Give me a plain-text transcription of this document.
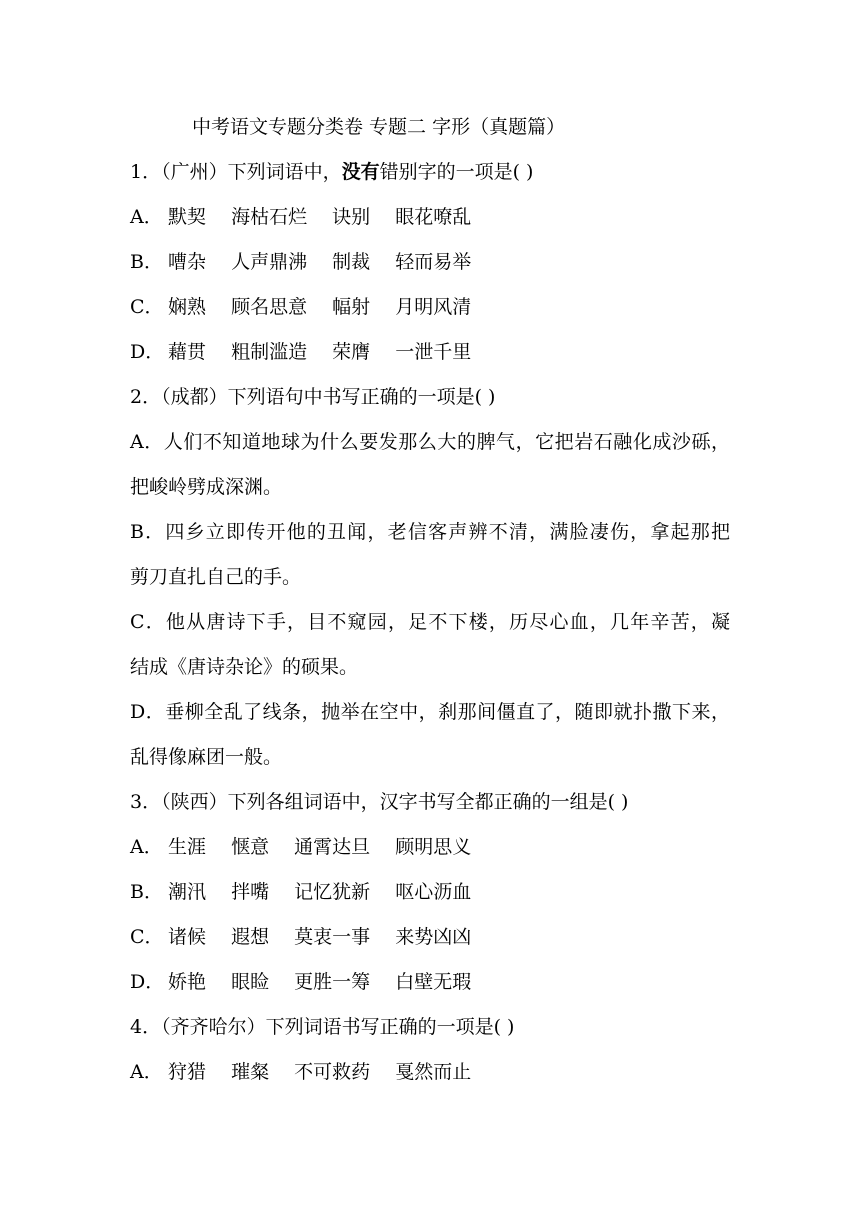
中考语文专题分类卷 专题二 字形（真题篇）
1．（广州）下列词语中，没有错别字的一项是( )
A． 默契 海枯石烂 诀别 眼花嘹乱
B． 嘈杂 人声鼎沸 制裁 轻而易举
C． 娴熟 顾名思意 幅射 月明风清
D． 藉贯 粗制滥造 荣膺 一泄千里
2．（成都）下列语句中书写正确的一项是( )
A．人们不知道地球为什么要发那么大的脾气，它把岩石融化成沙砾，
把峻岭劈成深渊。
B．四乡立即传开他的丑闻，老信客声辨不清，满脸凄伤，拿起那把
剪刀直扎自己的手。
C．他从唐诗下手，目不窥园，足不下楼，历尽心血，几年辛苦，凝
结成《唐诗杂论》的硕果。
D．垂柳全乱了线条，抛举在空中，刹那间僵直了，随即就扑撒下来，
乱得像麻团一般。
3．（陕西）下列各组词语中，汉字书写全都正确的一组是( )
A． 生涯 惬意 通霄达旦 顾明思义
B． 潮汛 拌嘴 记忆犹新 呕心沥血
C． 诸候 遐想 莫衷一事 来势凶凶
D． 娇艳 眼睑 更胜一筹 白壁无瑕
4．（齐齐哈尔）下列词语书写正确的一项是( )
A． 狩猎 璀粲 不可救药 戛然而止
